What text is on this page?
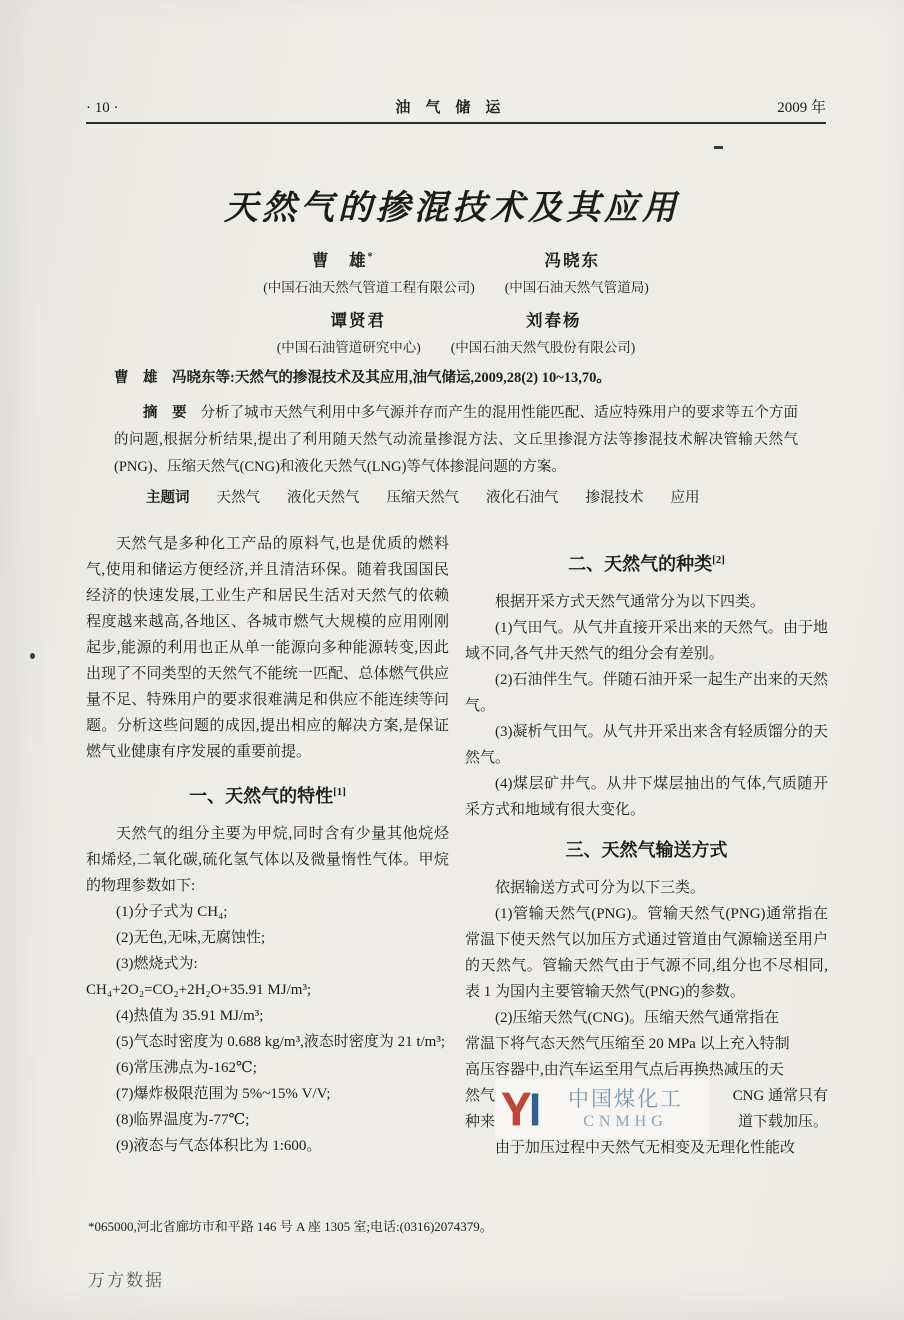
· 10 ·	油　气　储　运	2009 年
天然气的掺混技术及其应用
曹　雄*	冯晓东
(中国石油天然气管道工程有限公司) (中国石油天然气管道局)
谭贤君	刘春杨
(中国石油管道研究中心) (中国石油天然气股份有限公司)

曹　雄　冯晓东等:天然气的掺混技术及其应用,油气储运,2009,28(2) 10~13,70。

摘　要 分析了城市天然气利用中多气源并存而产生的混用性能匹配、适应特殊用户的要求等五个方面的问题,根据分析结果,提出了利用随天然气动流量掺混方法、文丘里掺混方法等掺混技术解决管输天然气(PNG)、压缩天然气(CNG)和液化天然气(LNG)等气体掺混问题的方案。

主题词 天然气 液化天然气 压缩天然气 液化石油气 掺混技术 应用

天然气是多种化工产品的原料气,也是优质的燃料气,使用和储运方便经济,并且清洁环保。随着我国国民经济的快速发展,工业生产和居民生活对天然气的依赖程度越来越高,各地区、各城市燃气大规模的应用刚刚起步,能源的利用也正从单一能源向多种能源转变,因此出现了不同类型的天然气不能统一匹配、总体燃气供应量不足、特殊用户的要求很难满足和供应不能连续等问题。分析这些问题的成因,提出相应的解决方案,是保证燃气业健康有序发展的重要前提。

一、天然气的特性[1]

天然气的组分主要为甲烷,同时含有少量其他烷烃和烯烃,二氧化碳,硫化氢气体以及微量惰性气体。甲烷的物理参数如下:

(1)分子式为 CH₄;

(2)无色,无味,无腐蚀性;

(3)燃烧式为:

CH₄+2O₂=CO₂+2H₂O+35.91 MJ/m³;

(4)热值为 35.91 MJ/m³;

(5)气态时密度为 0.688 kg/m³,液态时密度为 21 t/m³;

(6)常压沸点为-162℃;

(7)爆炸极限范围为 5%~15% V/V;

(8)临界温度为-77℃;

(9)液态与气态体积比为 1:600。

二、天然气的种类[2]

根据开采方式天然气通常分为以下四类。

(1)气田气。从气井直接开采出来的天然气。由于地域不同,各气井天然气的组分会有差别。

(2)石油伴生气。伴随石油开采一起生产出来的天然气。

(3)凝析气田气。从气井开采出来含有轻质馏分的天然气。

(4)煤层矿井气。从井下煤层抽出的气体,气质随开采方式和地域有很大变化。

三、天然气输送方式

依据输送方式可分为以下三类。

(1)管输天然气(PNG)。管输天然气(PNG)通常指在常温下使天然气以加压方式通过管道由气源输送至用户的天然气。管输天然气由于气源不同,组分也不尽相同,表 1 为国内主要管输天然气(PNG)的参数。

(2)压缩天然气(CNG)。压缩天然气通常指在
常温下将气态天然气压缩至 20 MPa 以上充入特制
高压容器中,由汽车运至用气点后再换热减压的天
然气	CNG 通常只有
种来	道下载加压。
由于加压过程中天然气无相变及无理化性能改
中国煤化工
CNMHG

*065000,河北省廊坊市和平路 146 号 A 座 1305 室;电话:(0316)2074379。

万方数据
